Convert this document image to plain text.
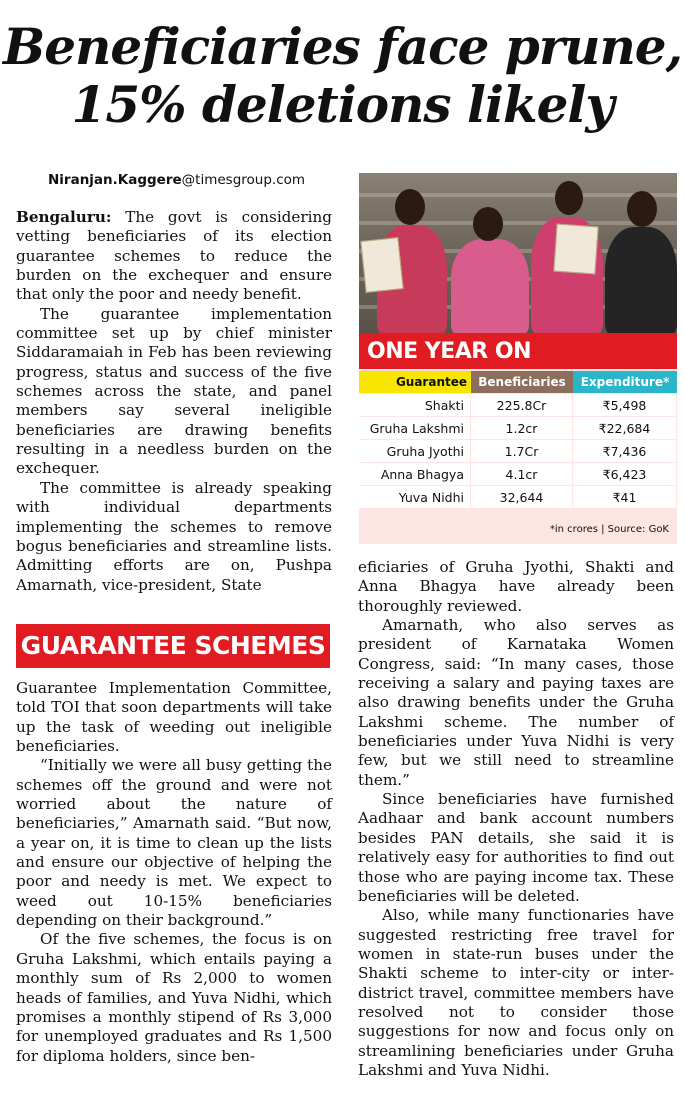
Beneficiaries face prune,
15% deletions likely
Niranjan.Kaggere@timesgroup.com

Bengaluru: The govt is considering vetting beneficiaries of its election guarantee schemes to reduce the burden on the exchequer and ensure that only the poor and needy benefit.

The guarantee implementation committee set up by chief minister Siddaramaiah in Feb has been reviewing progress, status and success of the five schemes across the state, and panel members say several ineligible beneficiaries are drawing benefits resulting in a needless burden on the exchequer.

The committee is already speaking with individual departments implementing the schemes to remove bogus beneficiaries and streamline lists. Admitting efforts are on, Pushpa Amarnath, vice-president, State

GUARANTEE SCHEMES

Guarantee Implementation Committee, told TOI that soon departments will take up the task of weeding out ineligible beneficiaries.

“Initially we were all busy getting the schemes off the ground and were not worried about the nature of beneficiaries,” Amarnath said. “But now, a year on, it is time to clean up the lists and ensure our objective of helping the poor and needy is met. We expect to weed out 10-15% beneficiaries depending on their background.”

Of the five schemes, the focus is on Gruha Lakshmi, which entails paying a monthly sum of Rs 2,000 to women heads of families, and Yuva Nidhi, which promises a monthly stipend of Rs 3,000 for unemployed graduates and Rs 1,500 for diploma holders, since ben-

ONE YEAR ON
Guarantee	Beneficiaries	Expenditure*
Shakti	225.8Cr	₹5,498
Gruha Lakshmi	1.2cr	₹22,684
Gruha Jyothi	1.7Cr	₹7,436
Anna Bhagya	4.1cr	₹6,423
Yuva Nidhi	32,644	₹41
*in crores | Source: GoK

eficiaries of Gruha Jyothi, Shakti and Anna Bhagya have already been thoroughly reviewed.

Amarnath, who also serves as president of Karnataka Women Congress, said: “In many cases, those receiving a salary and paying taxes are also drawing benefits under the Gruha Lakshmi scheme. The number of beneficiaries under Yuva Nidhi is very few, but we still need to streamline them.”

Since beneficiaries have furnished Aadhaar and bank account numbers besides PAN details, she said it is relatively easy for authorities to find out those who are paying income tax. These beneficiaries will be deleted.

Also, while many functionaries have suggested restricting free travel for women in state-run buses under the Shakti scheme to inter-city or inter-district travel, committee members have resolved not to consider those suggestions for now and focus only on streamlining beneficiaries under Gruha Lakshmi and Yuva Nidhi.
